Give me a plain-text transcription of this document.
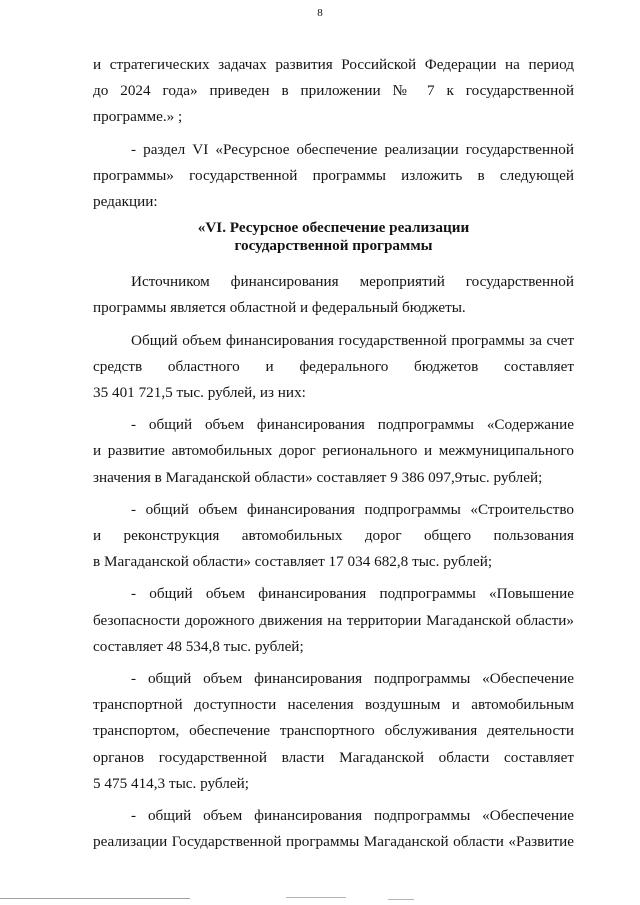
8

и стратегических задачах развития Российской Федерации на период
до 2024 года» приведен в приложении № 7 к государственной
программе.» ;

- раздел VI «Ресурсное обеспечение реализации государственной
программы» государственной программы изложить в следующей
редакции:

«VI. Ресурсное обеспечение реализации
государственной программы

Источником финансирования мероприятий государственной
программы является областной и федеральный бюджеты.

Общий объем финансирования государственной программы за счет
средств областного и федерального бюджетов составляет
35 401 721,5 тыс. рублей, из них:

- общий объем финансирования подпрограммы «Содержание
и развитие автомобильных дорог регионального и межмуниципального
значения в Магаданской области» составляет 9 386 097,9тыс. рублей;

- общий объем финансирования подпрограммы «Строительство
и реконструкция автомобильных дорог общего пользования
в Магаданской области» составляет 17 034 682,8 тыс. рублей;

- общий объем финансирования подпрограммы «Повышение
безопасности дорожного движения на территории Магаданской области»
составляет 48 534,8 тыс. рублей;

- общий объем финансирования подпрограммы «Обеспечение
транспортной доступности населения воздушным и автомобильным
транспортом, обеспечение транспортного обслуживания деятельности
органов государственной власти Магаданской области составляет
5 475 414,3 тыс. рублей;

- общий объем финансирования подпрограммы «Обеспечение
реализации Государственной программы Магаданской области «Развитие
